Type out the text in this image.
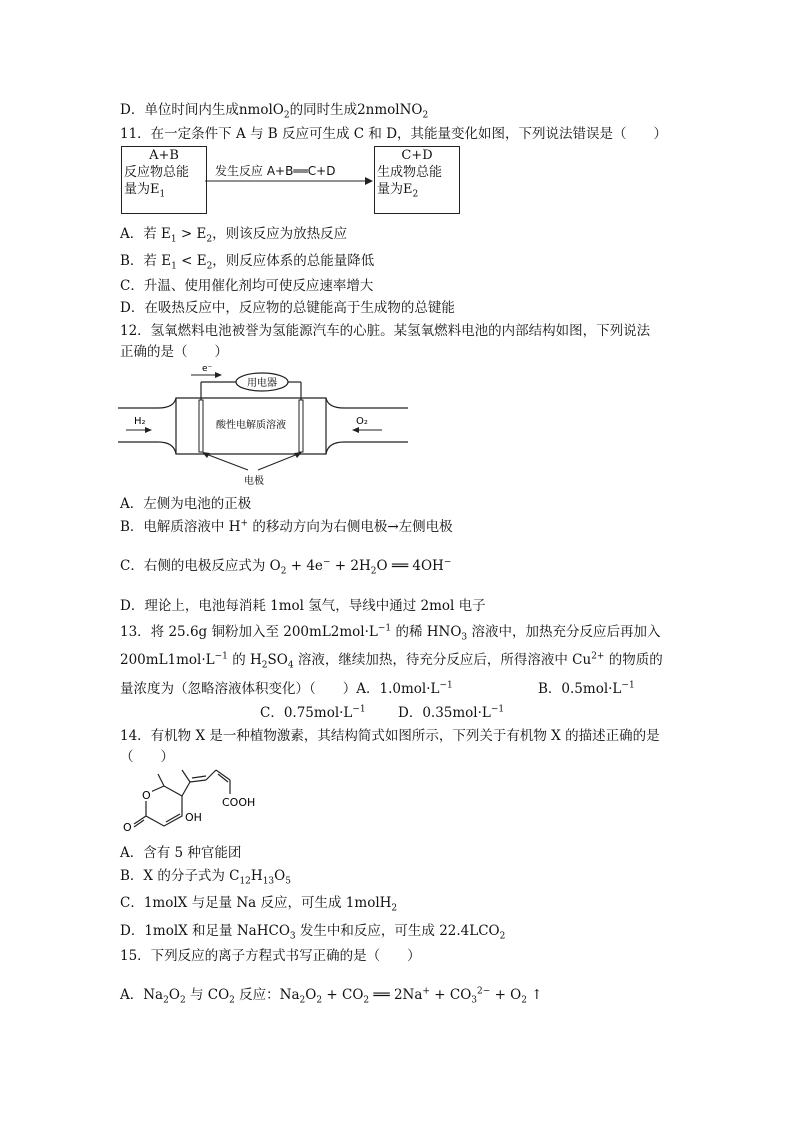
D．单位时间内生成nmolO$_2$的同时生成2nmolNO$_2$
11．在一定条件下 A 与 B 反应可生成 C 和 D，其能量变化如图，下列说法错误是（　　）
A+B
反应物总能
量为$E_1$
发生反应 A+B══C+D
C+D
生成物总能
量为$E_2$
A．若 $E_1 > E_2$，则该反应为放热反应
B．若 $E_1 < E_2$，则反应体系的总能量降低
C．升温、使用催化剂均可使反应速率增大
D．在吸热反应中，反应物的总键能高于生成物的总键能
12．氢氧燃料电池被誉为氢能源汽车的心脏。某氢氧燃料电池的内部结构如图，下列说法
正确的是（　　）
用电器
e⁻
酸性电解质溶液
H₂	O₂
电极
A．左侧为电池的正极
B．电解质溶液中 H+ 的移动方向为右侧电极→左侧电极
C．右侧的电极反应式为 $O_2 + 4e^- + 2H_2O$ ══ 4OH−
D．理论上，电池每消耗 1mol 氢气，导线中通过 2mol 电子
13．将 25.6g 铜粉加入至 $200mL2mol\cdot L^{-1}$ 的稀 $HNO_3$ 溶液中，加热充分反应后再加入
$200mL1mol\cdot L^{-1}$ 的 $H_2SO_4$ 溶液，继续加热，待充分反应后，所得溶液中 $Cu^{2+}$ 的物质的
量浓度为（忽略溶液体积变化）（　　）A．$1.0mol\cdot L^{-1}$	B．$0.5mol\cdot L^{-1}$
C．$0.75mol\cdot L^{-1}$ D．$0.35mol\cdot L^{-1}$
14．有机物 X 是一种植物激素，其结构简式如图所示，下列关于有机物 X 的描述正确的是
（　　）
O
O
OH
COOH
A．含有 5 种官能团
B．X 的分子式为 $C_{12}H_{13}O_5$
C．1molX 与足量 Na 反应，可生成 1molH$_2$
D．1molX 和足量 NaHCO$_3$ 发生中和反应，可生成 $22.4LCO_2$
15．下列反应的离子方程式书写正确的是（　　）
A．$Na_2O_2$ 与 $CO_2$ 反应：$Na_2O_2 + CO_2$ ══ $2Na^+ + CO_3^{2-} + O_2$ ↑
